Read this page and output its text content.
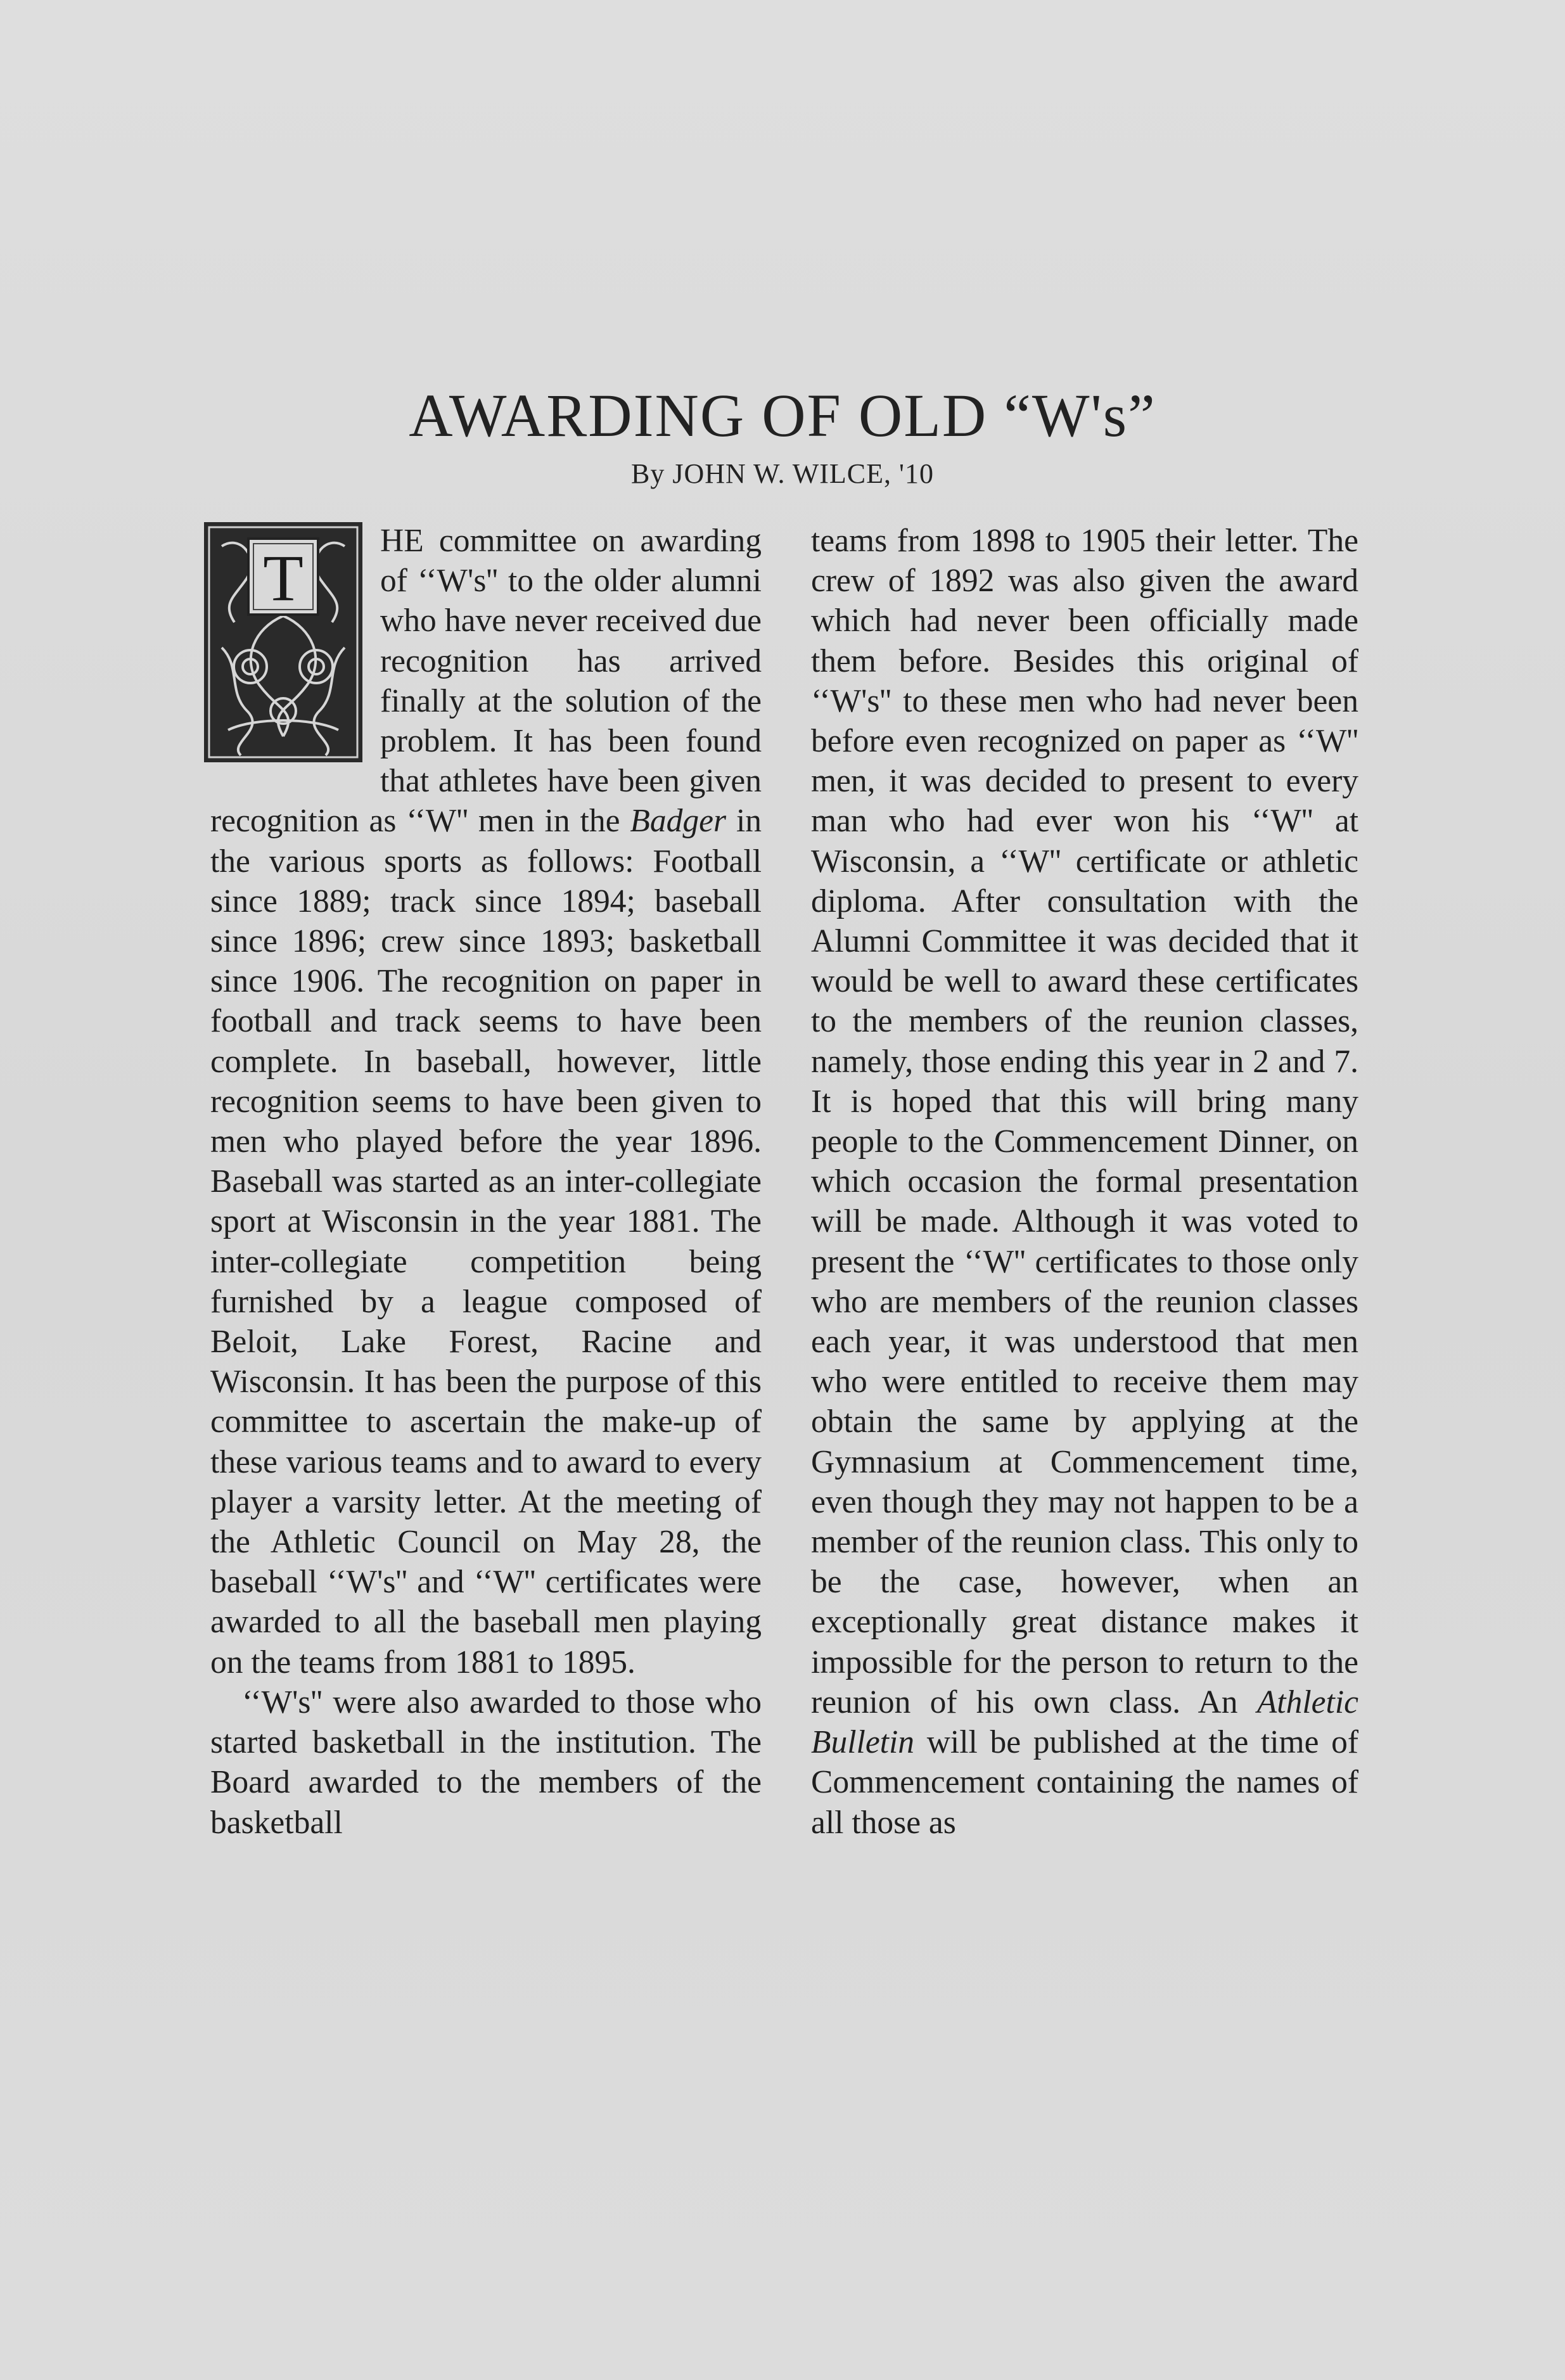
AWARDING OF OLD “W's”
By JOHN W. WILCE, '10
T

HE committee on awarding of ‘‘W's'' to the older alumni who have never received due recognition has arrived finally at the solution of the problem. It has been found that athletes have been given recognition as ‘‘W'' men in the Badger in the various sports as follows: Football since 1889; track since 1894; baseball since 1896; crew since 1893; basketball since 1906. The recognition on paper in football and track seems to have been complete. In baseball, however, little recognition seems to have been given to men who played before the year 1896. Baseball was started as an inter-collegiate sport at Wisconsin in the year 1881. The inter-collegiate competition being furnished by a league composed of Beloit, Lake Forest, Racine and Wisconsin. It has been the purpose of this committee to ascertain the make-up of these various teams and to award to every player a varsity letter. At the meeting of the Athletic Council on May 28, the baseball ‘‘W's'' and ‘‘W'' certificates were awarded to all the baseball men playing on the teams from 1881 to 1895.

‘‘W's'' were also awarded to those who started basketball in the institution. The Board awarded to the members of the basketball

teams from 1898 to 1905 their letter. The crew of 1892 was also given the award which had never been officially made them before. Besides this original of ‘‘W's'' to these men who had never been before even recognized on paper as ‘‘W'' men, it was decided to present to every man who had ever won his ‘‘W'' at Wisconsin, a ‘‘W'' certificate or athletic diploma. After consultation with the Alumni Committee it was decided that it would be well to award these certificates to the members of the reunion classes, namely, those ending this year in 2 and 7. It is hoped that this will bring many people to the Commencement Dinner, on which occasion the formal presentation will be made. Although it was voted to present the ‘‘W'' certificates to those only who are members of the reunion classes each year, it was understood that men who were entitled to receive them may obtain the same by applying at the Gymnasium at Commencement time, even though they may not happen to be a member of the reunion class. This only to be the case, however, when an exceptionally great distance makes it impossible for the person to return to the reunion of his own class. An Athletic Bulletin will be published at the time of Commencement containing the names of all those as
